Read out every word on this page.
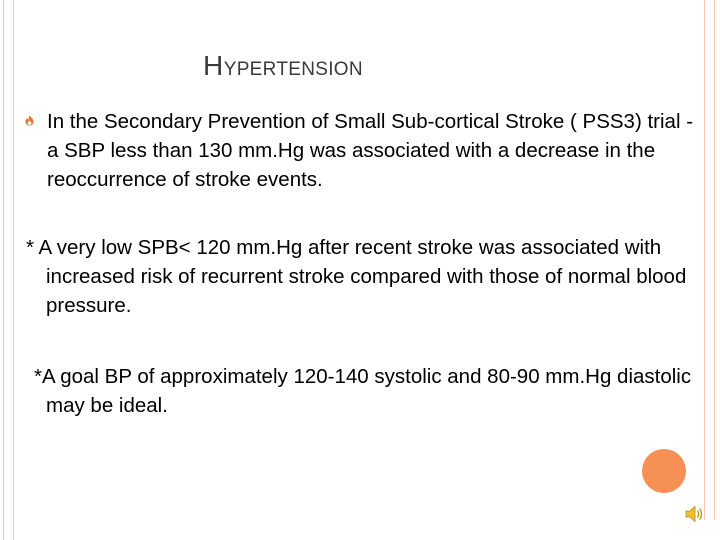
HYPERTENSION
In the Secondary Prevention of Small Sub-cortical Stroke ( PSS3) trial - a SBP less than 130 mm.Hg was associated with a decrease in the reoccurrence of stroke events.
* A very low SPB< 120 mm.Hg after recent stroke was associated with increased risk of recurrent stroke compared with those of normal blood pressure.
*A goal BP of approximately 120-140 systolic and 80-90 mm.Hg diastolic may be ideal.
